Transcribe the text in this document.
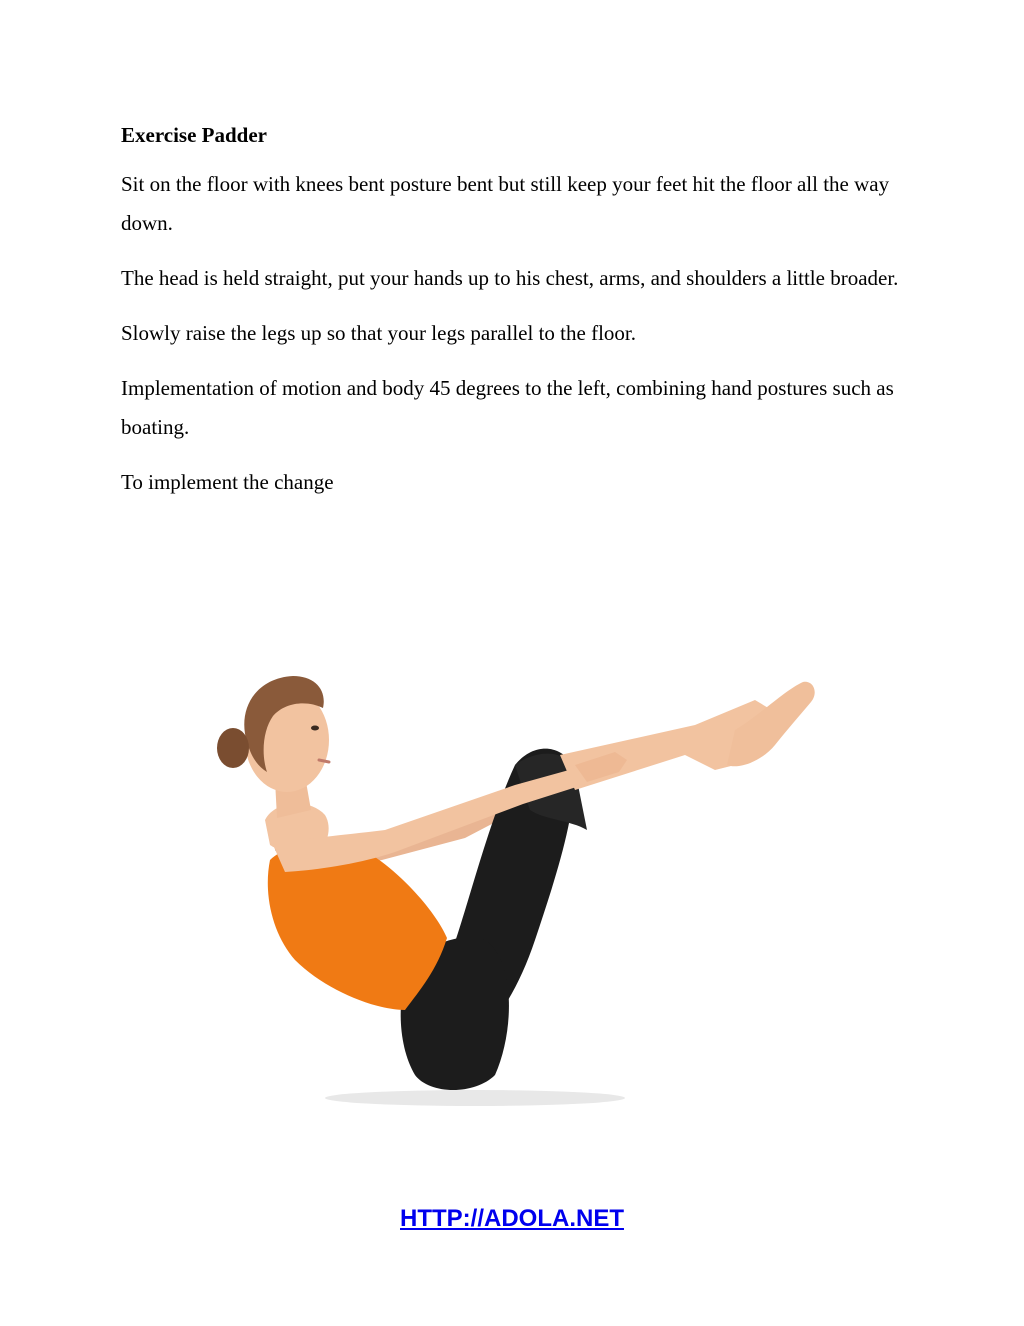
Exercise Padder

Sit on the floor with knees bent posture bent but still keep your feet hit the floor all the way down.

The head is held straight, put your hands up to his chest, arms, and shoulders a little broader.

Slowly raise the legs up so that your legs parallel to the floor.

Implementation of motion and body 45 degrees to the left, combining hand postures such as boating.

To implement the change

HTTP://ADOLA.NET
